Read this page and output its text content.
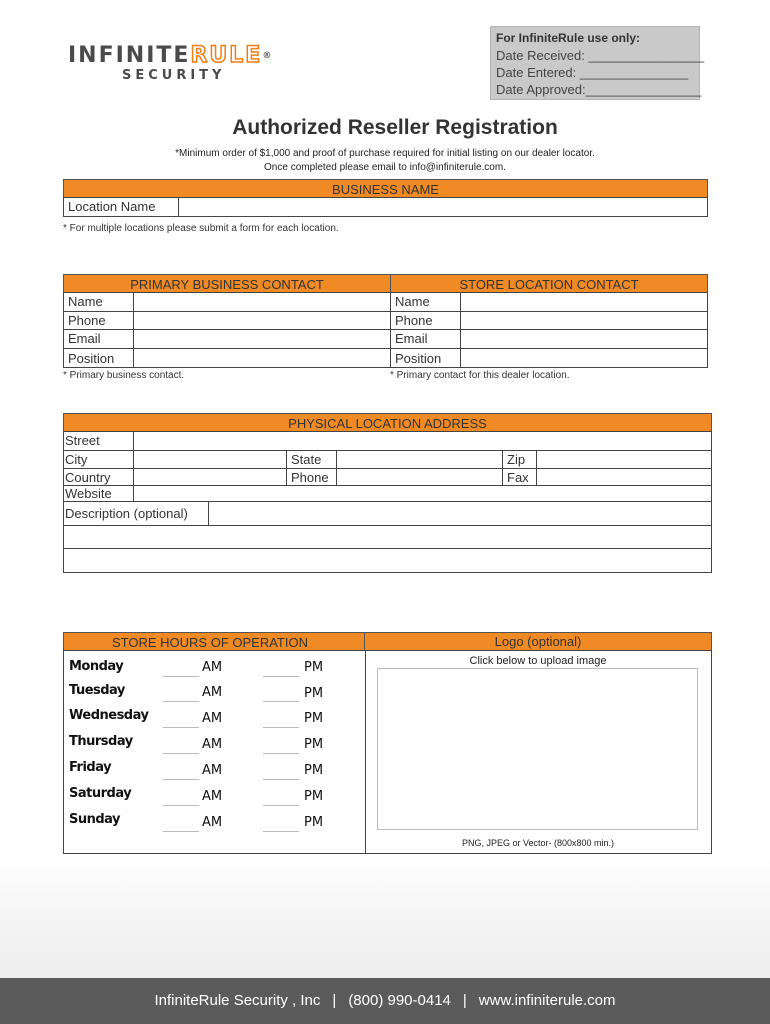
INFINITERULE®
SECURITY
For InfiniteRule use only:
Date Received: ________________
Date Entered: _______________
Date Approved:________________
Authorized Reseller Registration
*Minimum order of $1,000 and proof of purchase required for initial listing on our dealer locator.
Once completed please email to info@infiniterule.com.
BUSINESS NAME
Location Name
* For multiple locations please submit a form for each location.
PRIMARY BUSINESS CONTACT	STORE LOCATION CONTACT
Name
Phone
Email
Position
Name
Phone
Email
Position
* Primary business contact.	* Primary contact for this dealer location.
PHYSICAL LOCATION ADDRESS
Street
City	State	Zip
Country	Phone	Fax
Website
Description (optional)
STORE HOURS OF OPERATION	Logo (optional)
Monday	AM	PM
Tuesday	AM	PM
Wednesday	AM	PM
Thursday	AM	PM
Friday	AM	PM
Saturday	AM	PM
Sunday	AM	PM
Click below to upload image
PNG, JPEG or Vector- (800x800 min.)
InfiniteRule Security , Inc | (800) 990-0414 | www.infiniterule.com
